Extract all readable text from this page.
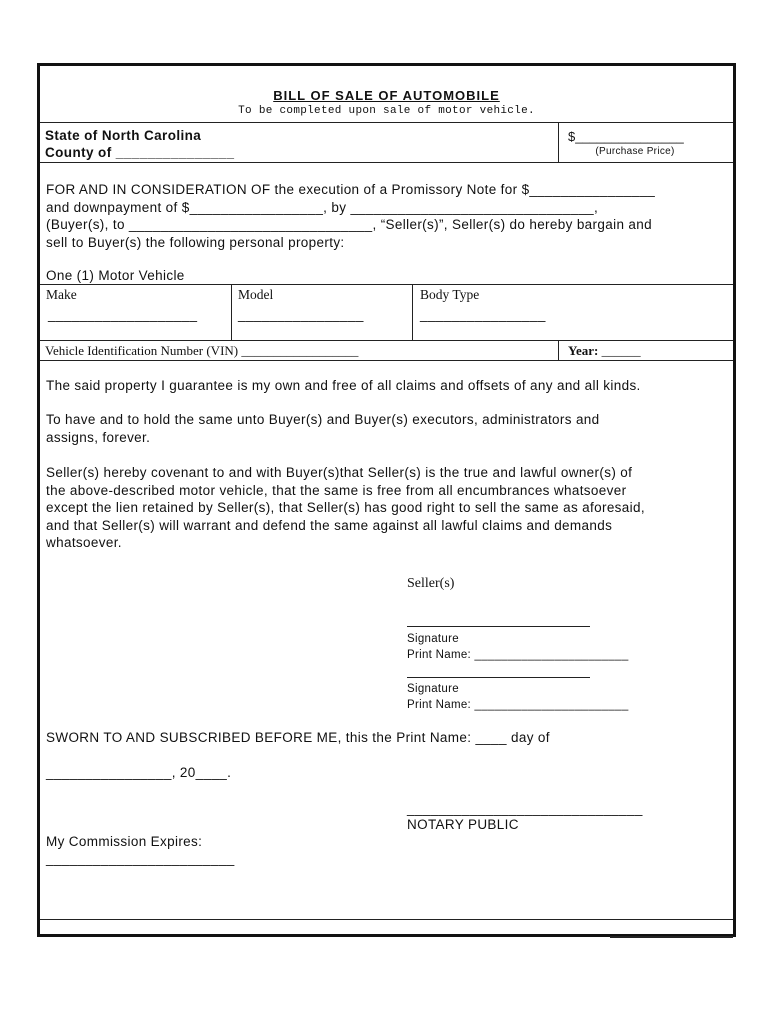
BILL OF SALE OF AUTOMOBILE
To be completed upon sale of motor vehicle.
State of North Carolina
County of _______________
$_______________
(Purchase Price)
FOR AND IN CONSIDERATION OF the execution of a Promissory Note for $________________
and downpayment of $_________________, by _______________________________,
(Buyer(s), to _______________________________, “Seller(s)”, Seller(s) do hereby bargain and
sell to Buyer(s) the following personal property:
One (1) Motor Vehicle
Make
___________________
Model
________________
Body Type
________________
Vehicle Identification Number (VIN) __________________	Year: ______
The said property I guarantee is my own and free of all claims and offsets of any and all kinds.
To have and to hold the same unto Buyer(s) and Buyer(s) executors, administrators and
assigns, forever.
Seller(s) hereby covenant to and with Buyer(s)that Seller(s) is the true and lawful owner(s) of
the above-described motor vehicle, that the same is free from all encumbrances whatsoever
except the lien retained by Seller(s), that Seller(s) has good right to sell the same as aforesaid,
and that Seller(s) will warrant and defend the same against all lawful claims and demands
whatsoever.
Seller(s)
Signature
Print Name: _______________________
Signature
Print Name: _______________________
SWORN TO AND SUBSCRIBED BEFORE ME, this the Print Name: ____ day of
________________, 20____.
______________________________
NOTARY PUBLIC
My Commission Expires:
________________________
